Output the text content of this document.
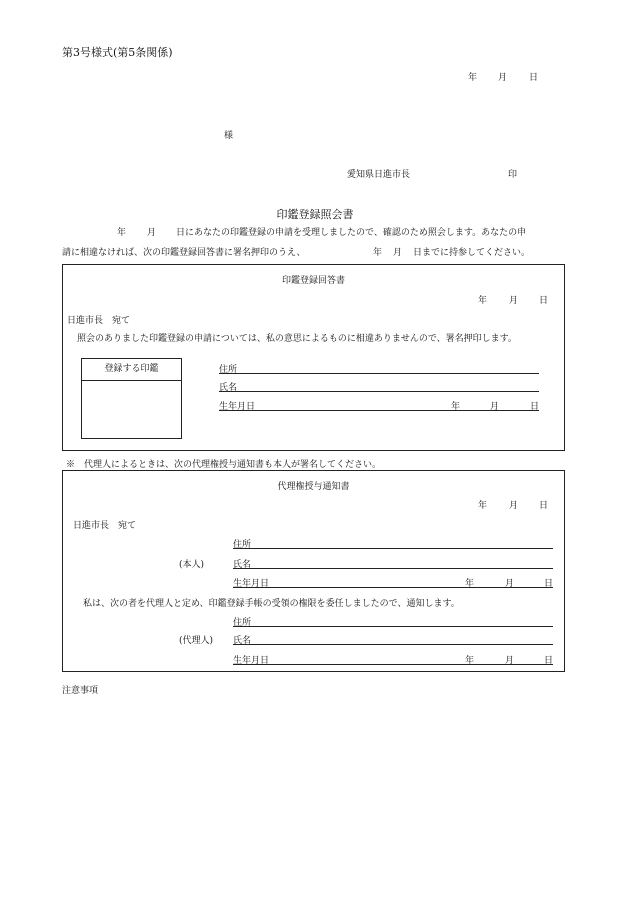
第3号様式(第5条関係)
年 月 日
様
愛知県日進市長	印
印鑑登録照会書
年 月 日にあなたの印鑑登録の申請を受理しましたので、確認のため照会します。あなたの申
請に相違なければ、次の印鑑登録回答書に署名押印のうえ、	年 月 日までに持参してください。
印鑑登録回答書
年 月 日
日進市長　宛て
照会のありました印鑑登録の申請については、私の意思によるものに相違ありませんので、署名押印します。
登録する印鑑	住所
氏名
生年月日	年	月	日
※　代理人によるときは、次の代理権授与通知書も本人が署名してください。
代理権授与通知書
年 月 日
日進市長　宛て
住所
(本人)	氏名
生年月日	年	月	日
私は、次の者を代理人と定め、印鑑登録手帳の受領の権限を委任しましたので、通知します。
住所
(代理人) 氏名
生年月日	年	月	日
注意事項
